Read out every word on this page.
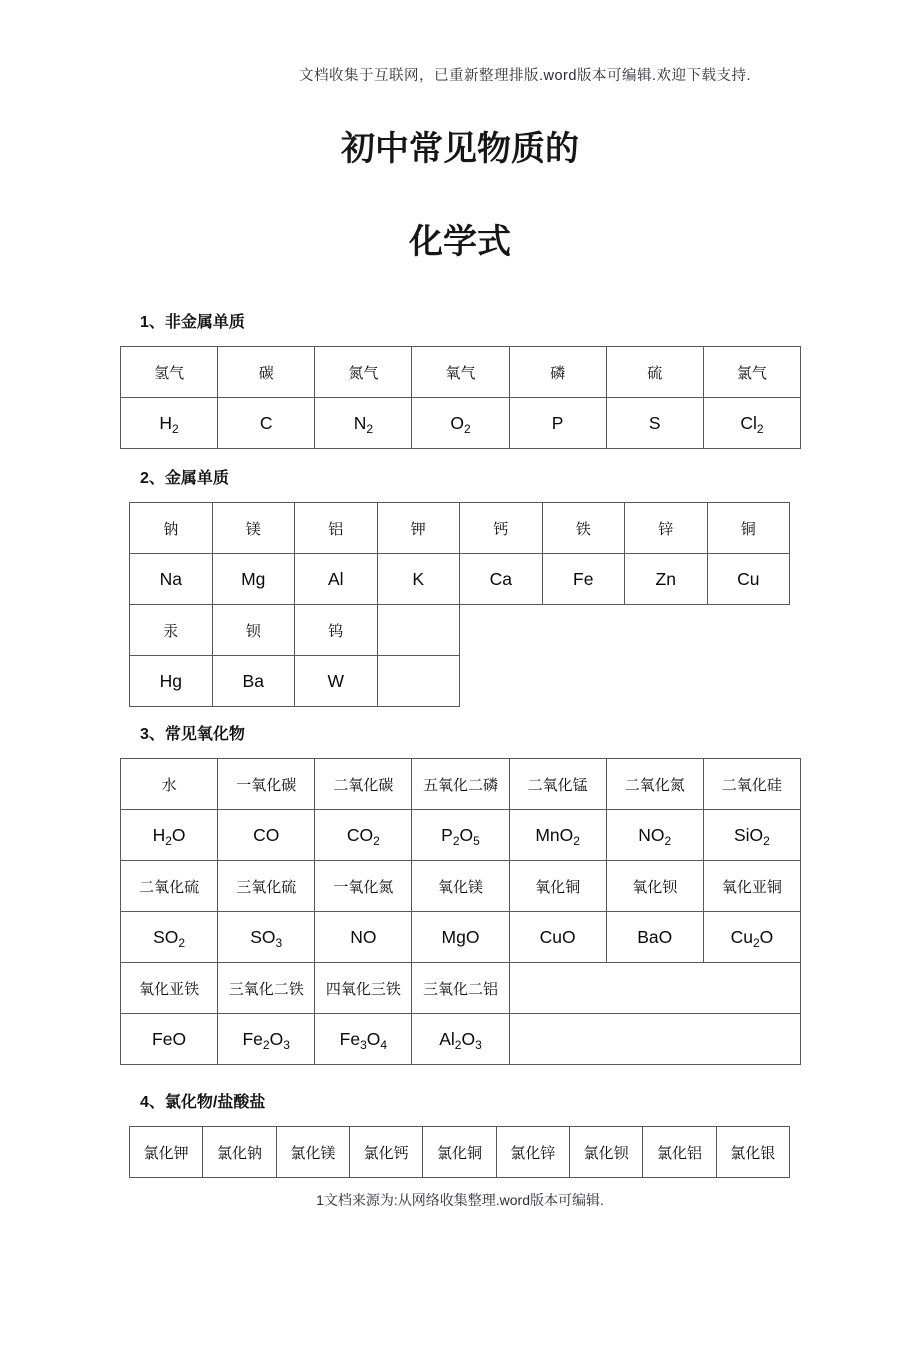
文档收集于互联网，已重新整理排版.word版本可编辑.欢迎下载支持.
初中常见物质的
化学式
1、非金属单质
氢气	碳	氮气	氧气	磷	硫	氯气
$H_2$	C	$N_2$	$O_2$	P	S	$Cl_2$
2、金属单质
钠	镁	铝	钾	钙	铁	锌	铜
Na	Mg	Al	K	Ca	Fe	Zn	Cu
汞	钡	钨					
Hg	Ba	W					
3、常见氧化物
水	一氧化碳	二氧化碳	五氧化二磷	二氧化锰	二氧化氮	二氧化硅
$H_2O$	CO	$CO_2$	$P_2O_5$	MnO$_2$	$NO_2$	SiO$_2$
二氧化硫	三氧化硫	一氧化氮	氧化镁	氧化铜	氧化钡	氧化亚铜
$SO_2$	$SO_3$	NO	MgO	CuO	BaO	$Cu_2O$
氧化亚铁	三氧化二铁	四氧化三铁	三氧化二铝			
FeO	$Fe_2O_3$	$Fe_3O_4$	$Al_2O_3$	
4、氯化物/盐酸盐
氯化钾	氯化钠	氯化镁	氯化钙	氯化铜	氯化锌	氯化钡	氯化铝	氯化银
1文档来源为:从网络收集整理.word版本可编辑.
